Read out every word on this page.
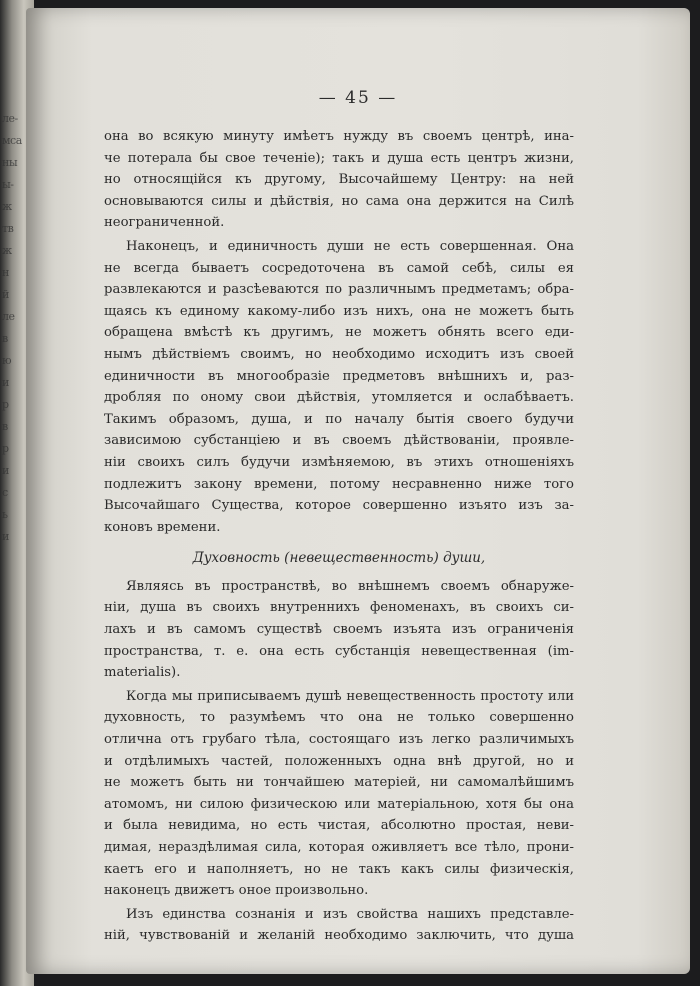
ле-
мса
ны
ы-
ж
тв
ж
н
й
ле
в
ю
и
р
в
р
и
с
ь
и
— 45 —
она во всякую минуту имѣетъ нужду въ своемъ центрѣ, ина-
че потерала бы свое теченіе); такъ и душа есть центръ жизни,
но относящійся къ другому, Высочайшему Центру: на ней
основываются силы и дѣйствія, но сама она держится на Силѣ
неограниченной.
Наконецъ, и единичность души не есть совершенная. Она
не всегда бываетъ сосредоточена въ самой себѣ, силы ея
развлекаются и разсѣеваются по различнымъ предметамъ; обра-
щаясь къ единому какому-либо изъ нихъ, она не можетъ быть
обращена вмѣстѣ къ другимъ, не можетъ обнять всего еди-
нымъ дѣйствіемъ своимъ, но необходимо исходитъ изъ своей
единичности въ многообразіе предметовъ внѣшнихъ и, раз-
дробляя по оному свои дѣйствія, утомляется и ослабѣваетъ.
Такимъ образомъ, душа, и по началу бытія своего будучи
зависимою субстанціею и въ своемъ дѣйствованіи, проявле-
ніи своихъ силъ будучи измѣняемою, въ этихъ отношеніяхъ
подлежитъ закону времени, потому несравненно ниже того
Высочайшаго Существа, которое совершенно изъято изъ за-
коновъ времени.
Духовность (невещественность) души,
Являясь въ пространствѣ, во внѣшнемъ своемъ обнаруже-
ніи, душа въ своихъ внутреннихъ феноменахъ, въ своихъ си-
лахъ и въ самомъ существѣ своемъ изъята изъ ограниченія
пространства, т. е. она есть субстанція невещественная (im-
materialis).
Когда мы приписываемъ душѣ невещественность простоту или
духовность, то разумѣемъ что она не только совершенно
отлична отъ грубаго тѣла, состоящаго изъ легко различимыхъ
и отдѣлимыхъ частей, положенныхъ одна внѣ другой, но и
не можетъ быть ни тончайшею матеріей, ни самомалѣйшимъ
атомомъ, ни силою физическою или матеріальною, хотя бы она
и была невидима, но есть чистая, абсолютно простая, неви-
димая, нераздѣлимая сила, которая оживляетъ все тѣло, прони-
каетъ его и наполняетъ, но не такъ какъ силы физическія,
наконецъ движетъ оное произвольно.
Изъ единства сознанія и изъ свойства нашихъ представле-
ній, чувствованій и желаній необходимо заключить, что душа
